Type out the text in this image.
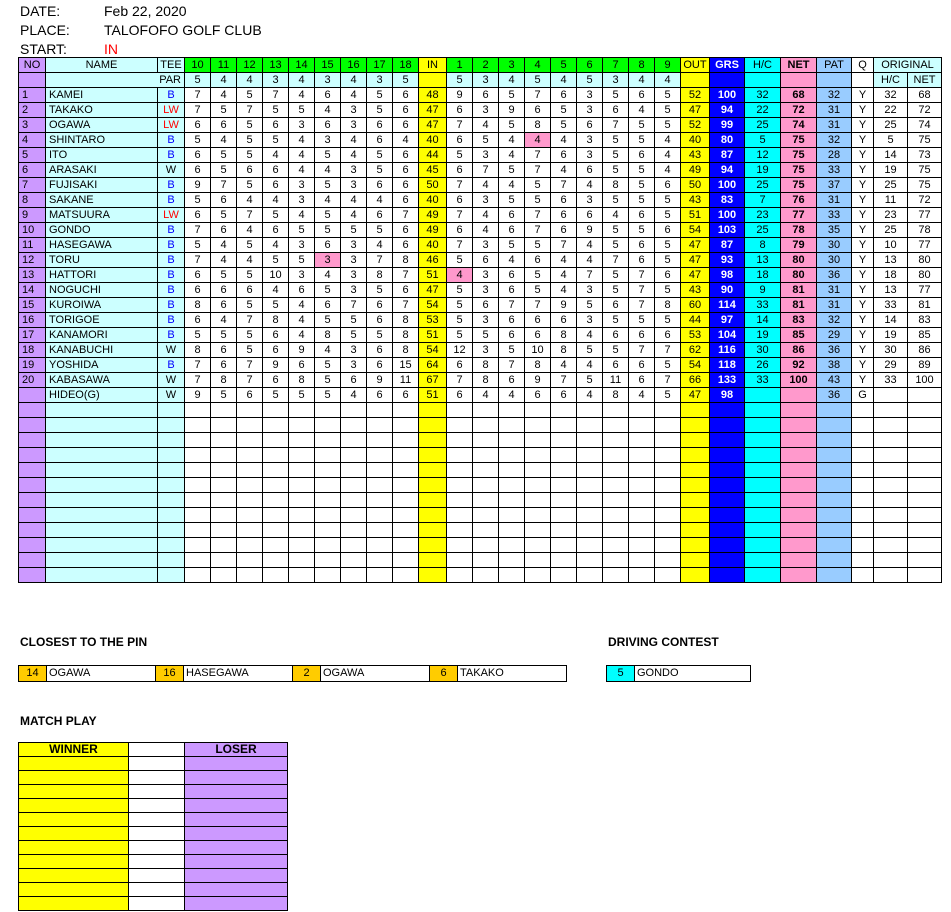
DATE:	Feb 22, 2020
PLACE: TALOFOFO GOLF CLUB
START:	IN
NO	NAME	TEE	10	11	12	13	14	15	16	17	18	IN	1	2	3	4	5	6	7	8	9	OUT	GRS	H/C	NET	PAT	Q	ORIGINAL	
	PAR		5	4	4	3	4	3	4	3	5		5	3	4	5	4	5	3	4	4							H/C	NET
1	KAMEI	B	7	4	5	7	4	6	4	5	6	48	9	6	5	7	6	3	5	6	5	52	100	32	68	32	Y	32	68
2	TAKAKO	LW	7	5	7	5	5	4	3	5	6	47	6	3	9	6	5	3	6	4	5	47	94	22	72	31	Y	22	72
3	OGAWA	LW	6	6	5	6	3	6	3	6	6	47	7	4	5	8	5	6	7	5	5	52	99	25	74	31	Y	25	74
4	SHINTARO	B	5	4	5	5	4	3	4	6	4	40	6	5	4	4	4	3	5	5	4	40	80	5	75	32	Y	5	75
5	ITO	B	6	5	5	4	4	5	4	5	6	44	5	3	4	7	6	3	5	6	4	43	87	12	75	28	Y	14	73
6	ARASAKI	W	6	5	6	6	4	4	3	5	6	45	6	7	5	7	4	6	5	5	4	49	94	19	75	33	Y	19	75
7	FUJISAKI	B	9	7	5	6	3	5	3	6	6	50	7	4	4	5	7	4	8	5	6	50	100	25	75	37	Y	25	75
8	SAKANE	B	5	6	4	4	3	4	4	4	6	40	6	3	5	5	6	3	5	5	5	43	83	7	76	31	Y	11	72
9	MATSUURA	LW	6	5	7	5	4	5	4	6	7	49	7	4	6	7	6	6	4	6	5	51	100	23	77	33	Y	23	77
10	GONDO	B	7	6	4	6	5	5	5	5	6	49	6	4	6	7	6	9	5	5	6	54	103	25	78	35	Y	25	78
11	HASEGAWA	B	5	4	5	4	3	6	3	4	6	40	7	3	5	5	7	4	5	6	5	47	87	8	79	30	Y	10	77
12	TORU	B	7	4	4	5	5	3	3	7	8	46	5	6	4	6	4	4	7	6	5	47	93	13	80	30	Y	13	80
13	HATTORI	B	6	5	5	10	3	4	3	8	7	51	4	3	6	5	4	7	5	7	6	47	98	18	80	36	Y	18	80
14	NOGUCHI	B	6	6	6	4	6	5	3	5	6	47	5	3	6	5	4	3	5	7	5	43	90	9	81	31	Y	13	77
15	KUROIWA	B	8	6	5	5	4	6	7	6	7	54	5	6	7	7	9	5	6	7	8	60	114	33	81	31	Y	33	81
16	TORIGOE	B	6	4	7	8	4	5	5	6	8	53	5	3	6	6	6	3	5	5	5	44	97	14	83	32	Y	14	83
17	KANAMORI	B	5	5	5	6	4	8	5	5	8	51	5	5	6	6	8	4	6	6	6	53	104	19	85	29	Y	19	85
18	KANABUCHI	W	8	6	5	6	9	4	3	6	8	54	12	3	5	10	8	5	5	7	7	62	116	30	86	36	Y	30	86
19	YOSHIDA	B	7	6	7	9	6	5	3	6	15	64	6	8	7	8	4	4	6	6	5	54	118	26	92	38	Y	29	89
20	KABASAWA	W	7	8	7	6	8	5	6	9	11	67	7	8	6	9	7	5	11	6	7	66	133	33	100	43	Y	33	100
	HIDEO(G)	W	9	5	6	5	5	5	4	6	6	51	6	4	4	6	6	4	8	4	5	47	98			36	G		

CLOSEST TO THE PIN
14	OGAWA	16	HASEGAWA	2	OGAWA	6	TAKAKO
DRIVING CONTEST
5	GONDO
MATCH PLAY
WINNER		LOSER
